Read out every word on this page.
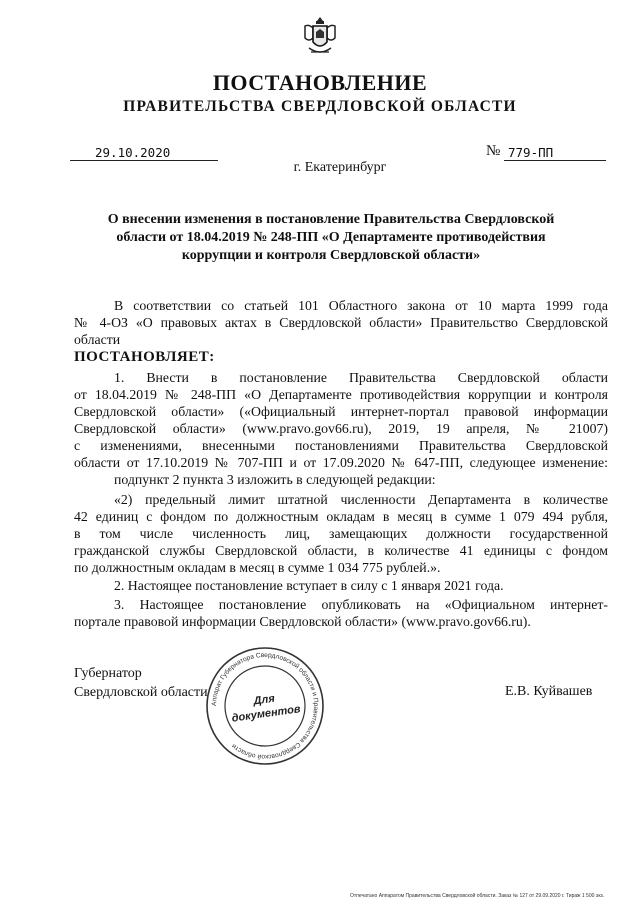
ПОСТАНОВЛЕНИЕ
ПРАВИТЕЛЬСТВА СВЕРДЛОВСКОЙ ОБЛАСТИ
29.10.2020	№ 779-ПП
г. Екатеринбург
О внесении изменения в постановление Правительства Свердловской области от 18.04.2019 № 248-ПП «О Департаменте противодействия коррупции и контроля Свердловской области»

В соответствии со статьей 101 Областного закона от 10 марта 1999 года

№ 4-ОЗ «О правовых актах в Свердловской области» Правительство Свердловской

области

ПОСТАНОВЛЯЕТ:

1. Внести в постановление Правительства Свердловской области

от 18.04.2019 № 248-ПП «О Департаменте противодействия коррупции и контроля

Свердловской области» («Официальный интернет-портал правовой информации

Свердловской области» (www.pravo.gov66.ru), 2019, 19 апреля, № 21007)

с изменениями, внесенными постановлениями Правительства Свердловской

области от 17.10.2019 № 707-ПП и от 17.09.2020 № 647-ПП, следующее изменение:

подпункт 2 пункта 3 изложить в следующей редакции:

«2) предельный лимит штатной численности Департамента в количестве

42 единиц с фондом по должностным окладам в месяц в сумме 1 079 494 рубля,

в том числе численность лиц, замещающих должности государственной

гражданской службы Свердловской области, в количестве 41 единицы с фондом

по должностным окладам в месяц в сумме 1 034 775 рублей.».

2. Настоящее постановление вступает в силу с 1 января 2021 года.

3. Настоящее постановление опубликовать на «Официальном интернет-

портале правовой информации Свердловской области» (www.pravo.gov66.ru).

Губернатор
Свердловской области	Е.В. Куйвашев
Аппарат Губернатора Свердловской области и Правительства Свердловской области
Для
документов
Отпечатано Аппаратом Правительства Свердловской области. Заказ № 127 от 29.09.2020 г. Тираж 1 500 экз.
